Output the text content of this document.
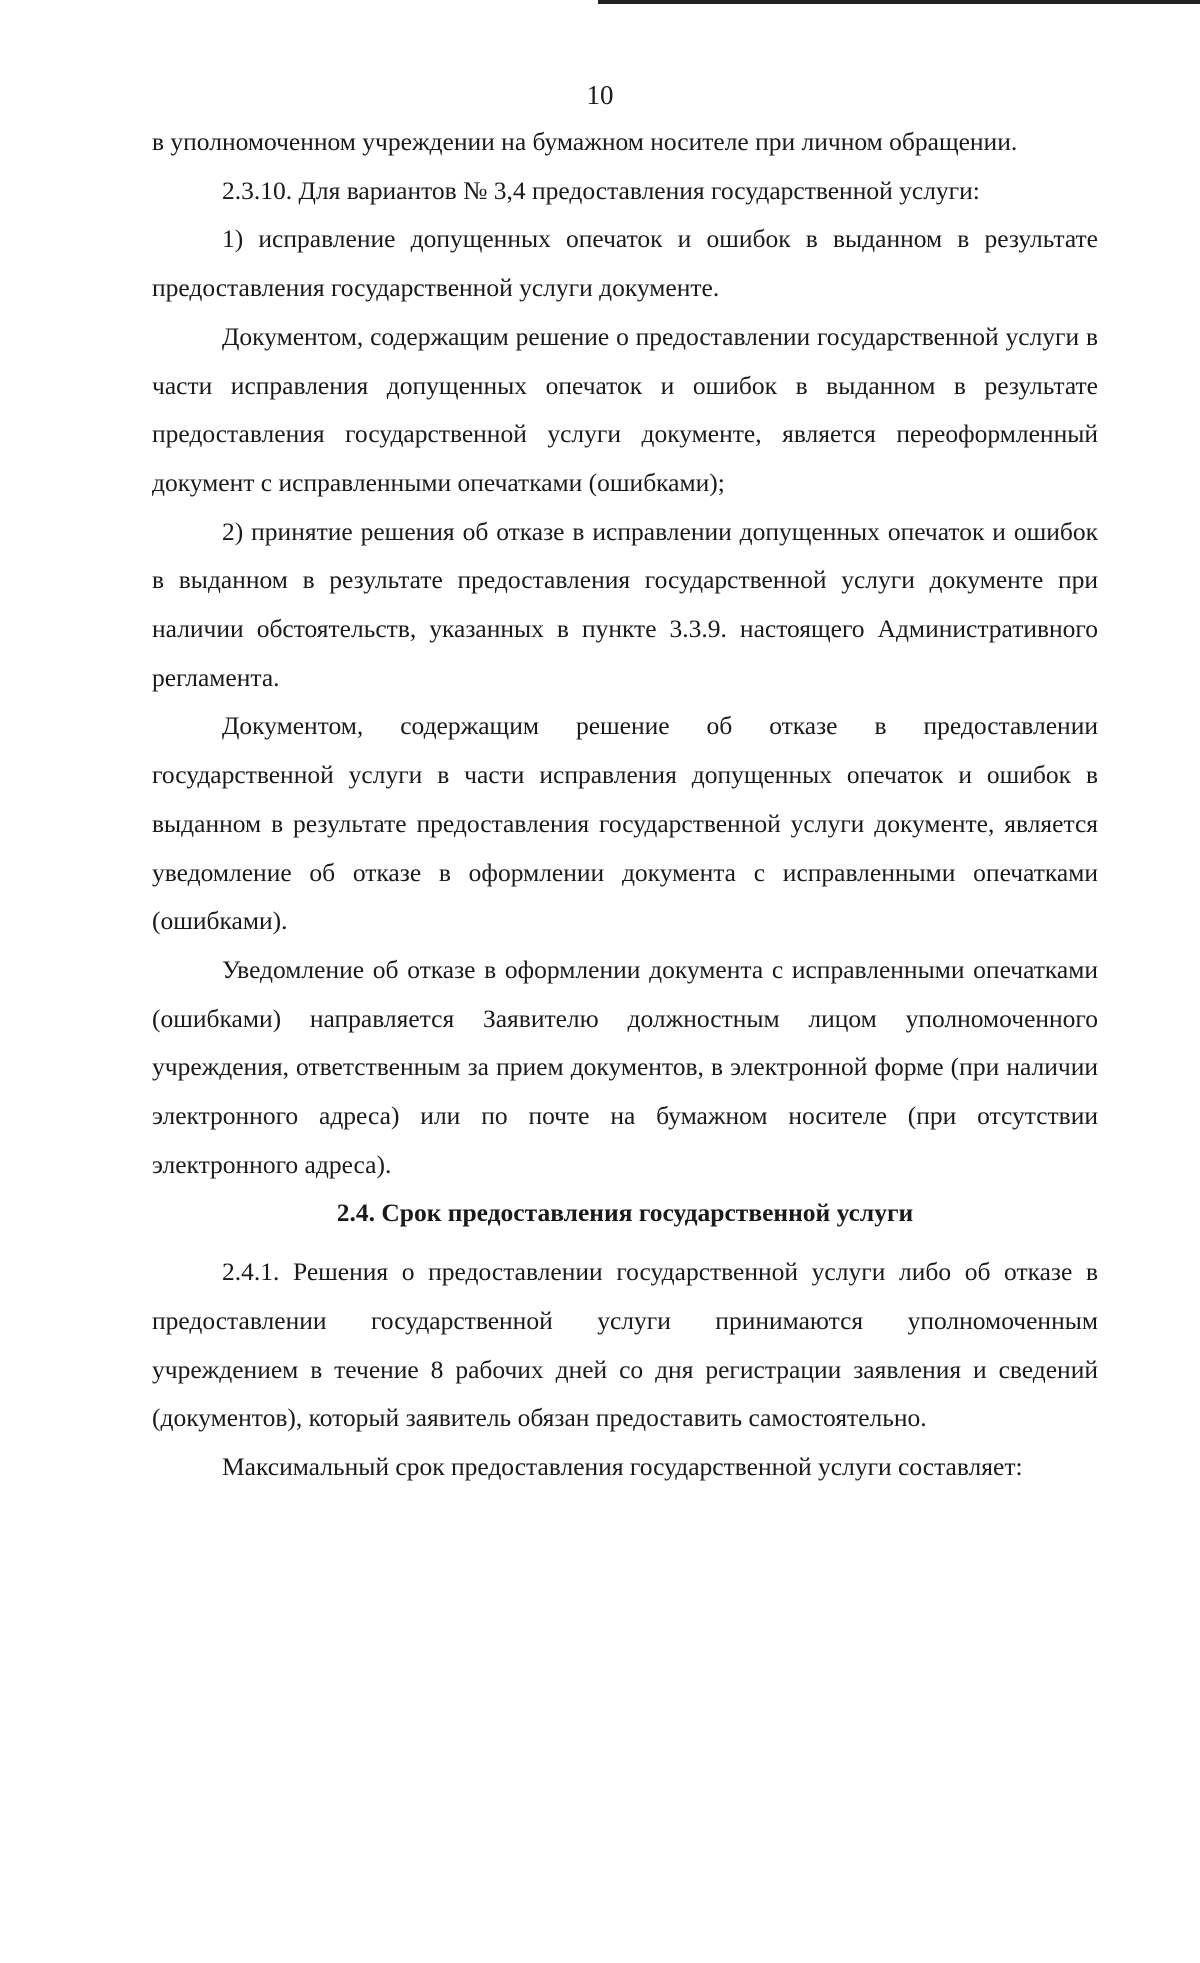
10

в уполномоченном учреждении на бумажном носителе при личном обращении.

2.3.10. Для вариантов № 3,4 предоставления государственной услуги:

1) исправление допущенных опечаток и ошибок в выданном в результате предоставления государственной услуги документе.

Документом, содержащим решение о предоставлении государственной услуги в части исправления допущенных опечаток и ошибок в выданном в результате предоставления государственной услуги документе, является переоформленный документ с исправленными опечатками (ошибками);

2) принятие решения об отказе в исправлении допущенных опечаток и ошибок в выданном в результате предоставления государственной услуги документе при наличии обстоятельств, указанных в пункте 3.3.9. настоящего Административного регламента.

Документом, содержащим решение об отказе в предоставлении государственной услуги в части исправления допущенных опечаток и ошибок в выданном в результате предоставления государственной услуги документе, является уведомление об отказе в оформлении документа с исправленными опечатками (ошибками).

Уведомление об отказе в оформлении документа с исправленными опечатками (ошибками) направляется Заявителю должностным лицом уполномоченного учреждения, ответственным за прием документов, в электронной форме (при наличии электронного адреса) или по почте на бумажном носителе (при отсутствии электронного адреса).

2.4. Срок предоставления государственной услуги

2.4.1. Решения о предоставлении государственной услуги либо об отказе в предоставлении государственной услуги принимаются уполномоченным учреждением в течение 8 рабочих дней со дня регистрации заявления и сведений (документов), который заявитель обязан предоставить самостоятельно.

Максимальный срок предоставления государственной услуги составляет:
